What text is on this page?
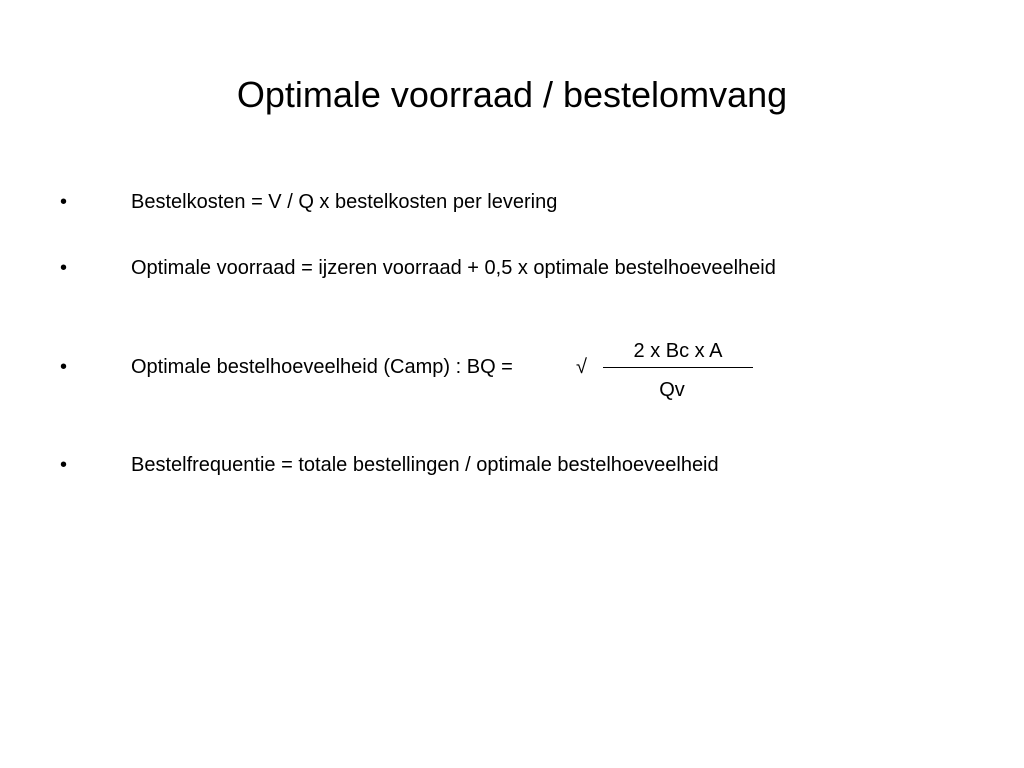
Optimale voorraad / bestelomvang
•	Bestelkosten = V / Q x bestelkosten per levering
•	Optimale voorraad = ijzeren voorraad + 0,5 x optimale bestelhoeveelheid
•	Optimale bestelhoeveelheid (Camp) : BQ =	√
2 x Bc x A
Qv
•	Bestelfrequentie = totale bestellingen / optimale bestelhoeveelheid
